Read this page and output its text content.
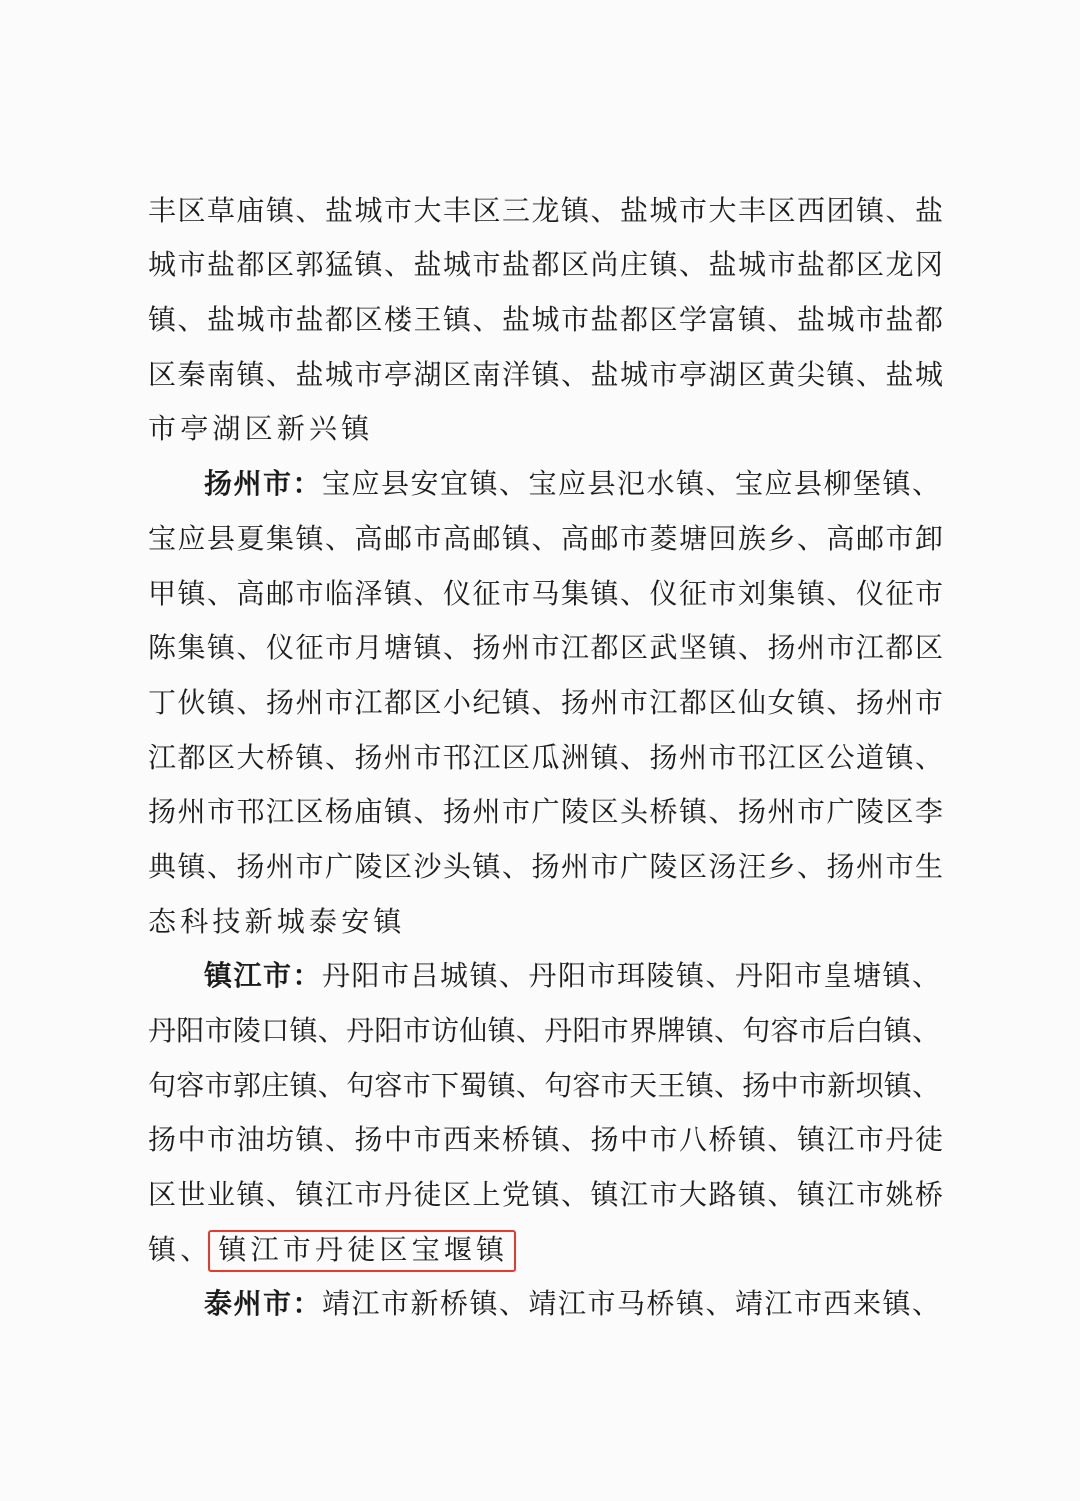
丰区草庙镇、盐城市大丰区三龙镇、盐城市大丰区西团镇、盐
城市盐都区郭猛镇、盐城市盐都区尚庄镇、盐城市盐都区龙冈
镇、盐城市盐都区楼王镇、盐城市盐都区学富镇、盐城市盐都
区秦南镇、盐城市亭湖区南洋镇、盐城市亭湖区黄尖镇、盐城
市亭湖区新兴镇
扬州市：宝应县安宜镇、宝应县氾水镇、宝应县柳堡镇、
宝应县夏集镇、高邮市高邮镇、高邮市菱塘回族乡、高邮市卸
甲镇、高邮市临泽镇、仪征市马集镇、仪征市刘集镇、仪征市
陈集镇、仪征市月塘镇、扬州市江都区武坚镇、扬州市江都区
丁伙镇、扬州市江都区小纪镇、扬州市江都区仙女镇、扬州市
江都区大桥镇、扬州市邗江区瓜洲镇、扬州市邗江区公道镇、
扬州市邗江区杨庙镇、扬州市广陵区头桥镇、扬州市广陵区李
典镇、扬州市广陵区沙头镇、扬州市广陵区汤汪乡、扬州市生
态科技新城泰安镇
镇江市：丹阳市吕城镇、丹阳市珥陵镇、丹阳市皇塘镇、
丹阳市陵口镇、丹阳市访仙镇、丹阳市界牌镇、句容市后白镇、
句容市郭庄镇、句容市下蜀镇、句容市天王镇、扬中市新坝镇、
扬中市油坊镇、扬中市西来桥镇、扬中市八桥镇、镇江市丹徒
区世业镇、镇江市丹徒区上党镇、镇江市大路镇、镇江市姚桥
镇、 镇江市丹徒区宝堰镇
泰州市：靖江市新桥镇、靖江市马桥镇、靖江市西来镇、
